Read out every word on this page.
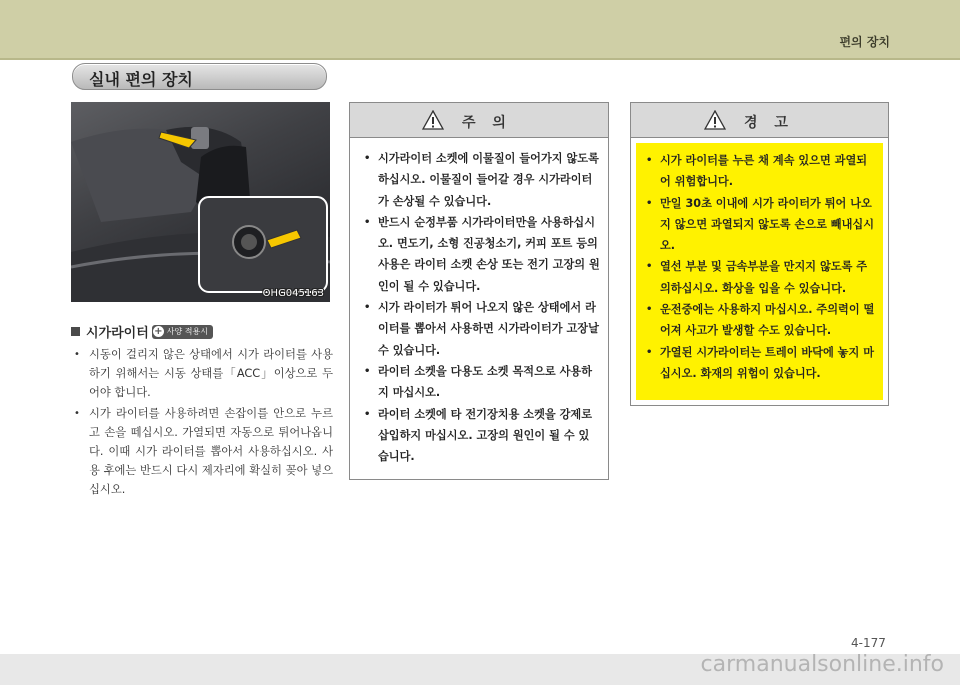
편의 장치
실내 편의 장치
OHG045163
시가라이터 + 사양 적용시
• 시동이 걸리지 않은 상태에서 시가 라이터를 사용하기 위해서는 시동 상태를「ACC」이상으로 두어야 합니다.
• 시가 라이터를 사용하려면 손잡이를 안으로 누르고 손을 떼십시오. 가열되면 자동으로 튀어나옵니다. 이때 시가 라이터를 뽑아서 사용하십시오. 사용 후에는 반드시 다시 제자리에 확실히 꽂아 넣으십시오.
주 의
• 시가라이터 소켓에 이물질이 들어가지 않도록 하십시오. 이물질이 들어갈 경우 시가라이터가 손상될 수 있습니다.
• 반드시 순정부품 시가라이터만을 사용하십시오. 면도기, 소형 진공청소기, 커피 포트 등의 사용은 라이터 소켓 손상 또는 전기 고장의 원인이 될 수 있습니다.
• 시가 라이터가 튀어 나오지 않은 상태에서 라이터를 뽑아서 사용하면 시가라이터가 고장날 수 있습니다.
• 라이터 소켓을 다용도 소켓 목적으로 사용하지 마십시오.
• 라이터 소켓에 타 전기장치용 소켓을 강제로 삽입하지 마십시오. 고장의 원인이 될 수 있습니다.
경 고
• 시가 라이터를 누른 채 계속 있으면 과열되어 위험합니다.
• 만일 30초 이내에 시가 라이터가 튀어 나오지 않으면 과열되지 않도록 손으로 빼내십시오.
• 열선 부분 및 금속부분을 만지지 않도록 주의하십시오. 화상을 입을 수 있습니다.
• 운전중에는 사용하지 마십시오. 주의력이 떨어져 사고가 발생할 수도 있습니다.
• 가열된 시가라이터는 트레이 바닥에 놓지 마십시오. 화재의 위험이 있습니다.
4-177
carmanualsonline.info
